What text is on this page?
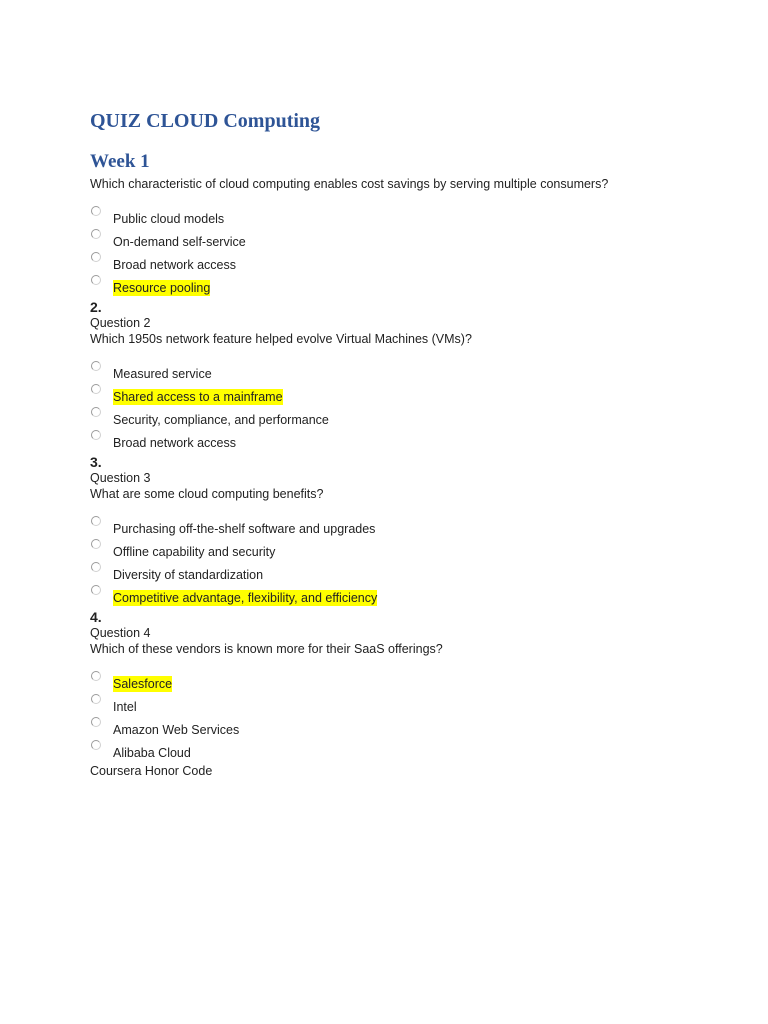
QUIZ CLOUD Computing
Week 1

Which characteristic of cloud computing enables cost savings by serving multiple consumers?

Public cloud models
On-demand self-service
Broad network access
Resource pooling
2.

Question 2

Which 1950s network feature helped evolve Virtual Machines (VMs)?

Measured service
Shared access to a mainframe
Security, compliance, and performance
Broad network access
3.

Question 3

What are some cloud computing benefits?

Purchasing off-the-shelf software and upgrades
Offline capability and security
Diversity of standardization
Competitive advantage, flexibility, and efficiency
4.

Question 4

Which of these vendors is known more for their SaaS offerings?

Salesforce
Intel
Amazon Web Services
Alibaba Cloud

Coursera Honor Code
